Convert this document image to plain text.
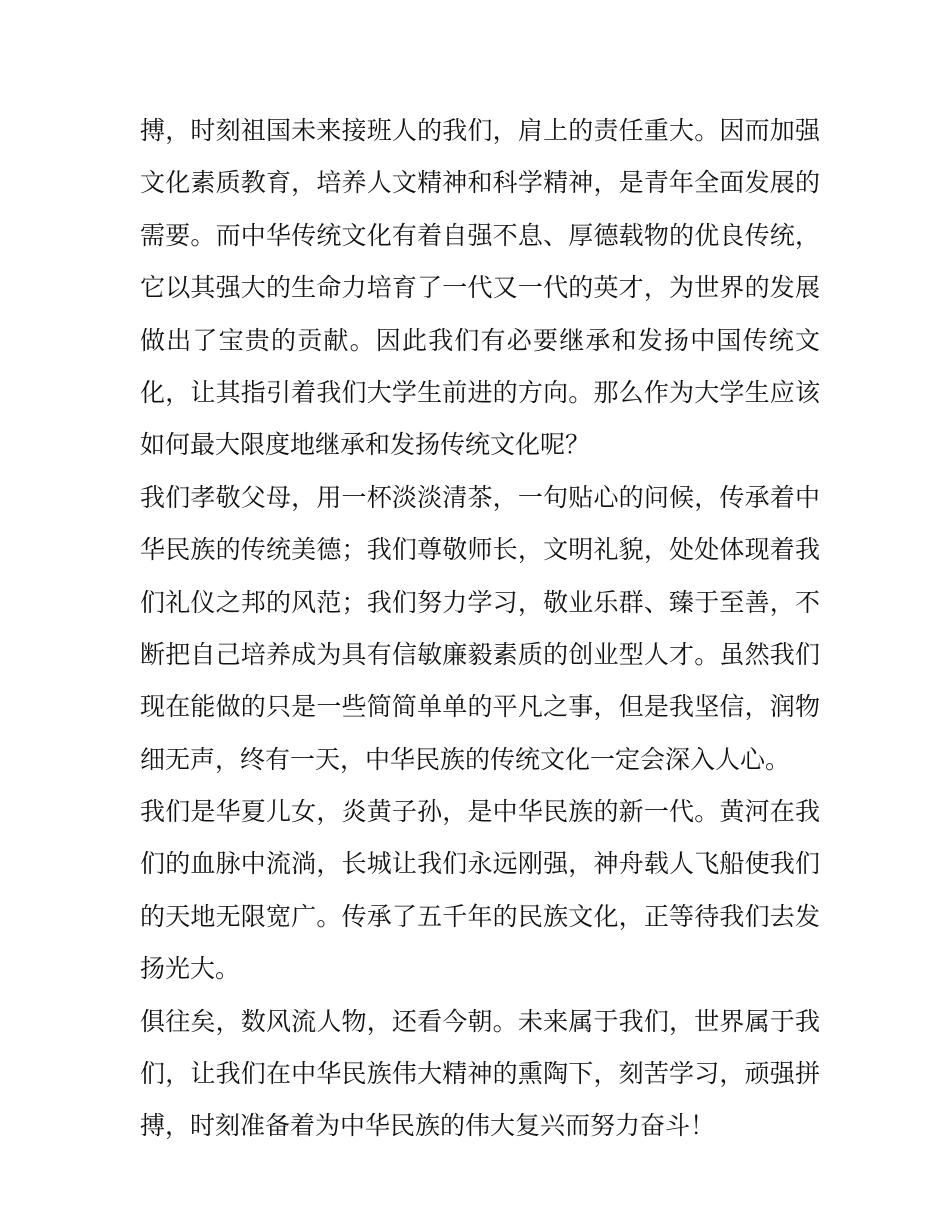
搏，时刻祖国未来接班人的我们，肩上的责任重大。因而加强
文化素质教育，培养人文精神和科学精神，是青年全面发展的
需要。而中华传统文化有着自强不息、厚德载物的优良传统，
它以其强大的生命力培育了一代又一代的英才，为世界的发展
做出了宝贵的贡献。因此我们有必要继承和发扬中国传统文
化，让其指引着我们大学生前进的方向。那么作为大学生应该
如何最大限度地继承和发扬传统文化呢？
我们孝敬父母，用一杯淡淡清茶，一句贴心的问候，传承着中
华民族的传统美德；我们尊敬师长，文明礼貌，处处体现着我
们礼仪之邦的风范；我们努力学习，敬业乐群、臻于至善，不
断把自己培养成为具有信敏廉毅素质的创业型人才。虽然我们
现在能做的只是一些简简单单的平凡之事，但是我坚信，润物
细无声，终有一天，中华民族的传统文化一定会深入人心。
我们是华夏儿女，炎黄子孙，是中华民族的新一代。黄河在我
们的血脉中流淌，长城让我们永远刚强，神舟载人飞船使我们
的天地无限宽广。传承了五千年的民族文化，正等待我们去发
扬光大。
俱往矣，数风流人物，还看今朝。未来属于我们，世界属于我
们，让我们在中华民族伟大精神的熏陶下，刻苦学习，顽强拼
搏，时刻准备着为中华民族的伟大复兴而努力奋斗！
